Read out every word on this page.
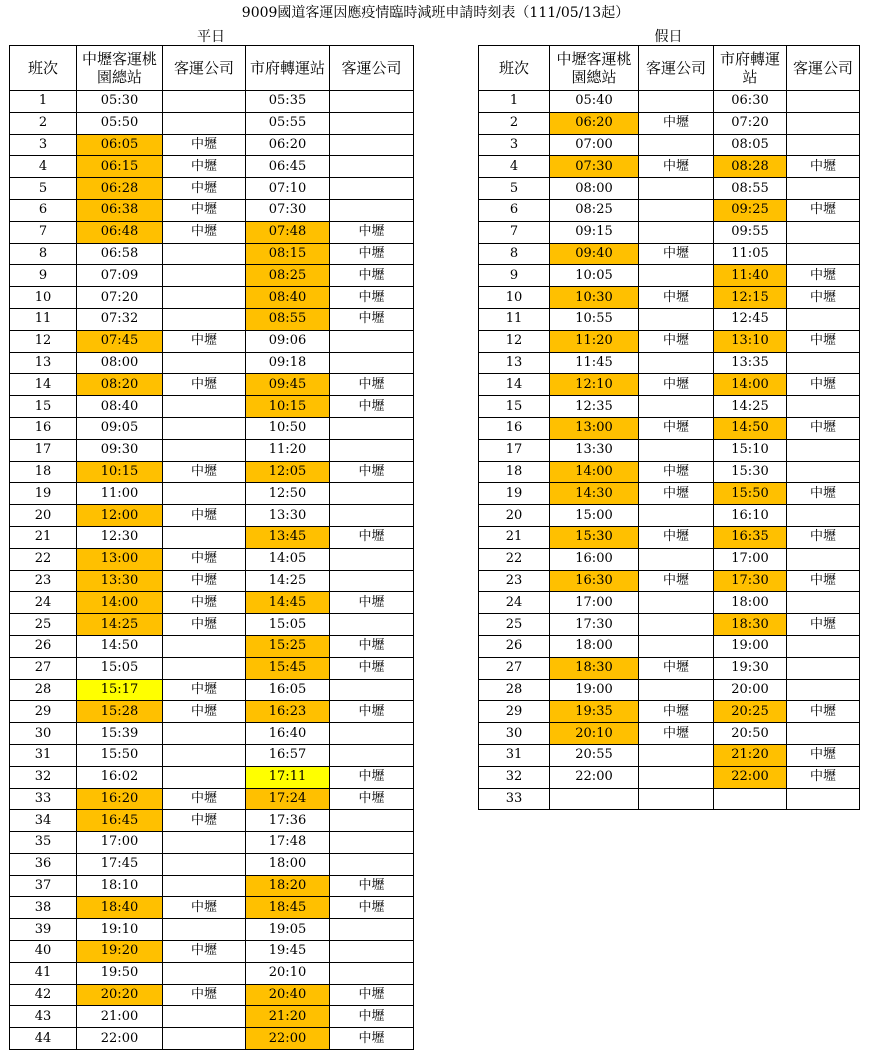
9009國道客運因應疫情臨時減班申請時刻表（111/05/13起）
平日	假日
班次	中壢客運桃園總站	客運公司	市府轉運站	客運公司
1	05:30		05:35	
2	05:50		05:55	
3	06:05	中壢	06:20	
4	06:15	中壢	06:45	
5	06:28	中壢	07:10	
6	06:38	中壢	07:30	
7	06:48	中壢	07:48	中壢
8	06:58		08:15	中壢
9	07:09		08:25	中壢
10	07:20		08:40	中壢
11	07:32		08:55	中壢
12	07:45	中壢	09:06	
13	08:00		09:18	
14	08:20	中壢	09:45	中壢
15	08:40		10:15	中壢
16	09:05		10:50	
17	09:30		11:20	
18	10:15	中壢	12:05	中壢
19	11:00		12:50	
20	12:00	中壢	13:30	
21	12:30		13:45	中壢
22	13:00	中壢	14:05	
23	13:30	中壢	14:25	
24	14:00	中壢	14:45	中壢
25	14:25	中壢	15:05	
26	14:50		15:25	中壢
27	15:05		15:45	中壢
28	15:17	中壢	16:05	
29	15:28	中壢	16:23	中壢
30	15:39		16:40	
31	15:50		16:57	
32	16:02		17:11	中壢
33	16:20	中壢	17:24	中壢
34	16:45	中壢	17:36	
35	17:00		17:48	
36	17:45		18:00	
37	18:10		18:20	中壢
38	18:40	中壢	18:45	中壢
39	19:10		19:05	
40	19:20	中壢	19:45	
41	19:50		20:10	
42	20:20	中壢	20:40	中壢
43	21:00		21:20	中壢
44	22:00		22:00	中壢
班次	中壢客運桃園總站	客運公司	市府轉運站	客運公司
1	05:40		06:30	
2	06:20	中壢	07:20	
3	07:00		08:05	
4	07:30	中壢	08:28	中壢
5	08:00		08:55	
6	08:25		09:25	中壢
7	09:15		09:55	
8	09:40	中壢	11:05	
9	10:05		11:40	中壢
10	10:30	中壢	12:15	中壢
11	10:55		12:45	
12	11:20	中壢	13:10	中壢
13	11:45		13:35	
14	12:10	中壢	14:00	中壢
15	12:35		14:25	
16	13:00	中壢	14:50	中壢
17	13:30		15:10	
18	14:00	中壢	15:30	
19	14:30	中壢	15:50	中壢
20	15:00		16:10	
21	15:30	中壢	16:35	中壢
22	16:00		17:00	
23	16:30	中壢	17:30	中壢
24	17:00		18:00	
25	17:30		18:30	中壢
26	18:00		19:00	
27	18:30	中壢	19:30	
28	19:00		20:00	
29	19:35	中壢	20:25	中壢
30	20:10	中壢	20:50	
31	20:55		21:20	中壢
32	22:00		22:00	中壢
33				
